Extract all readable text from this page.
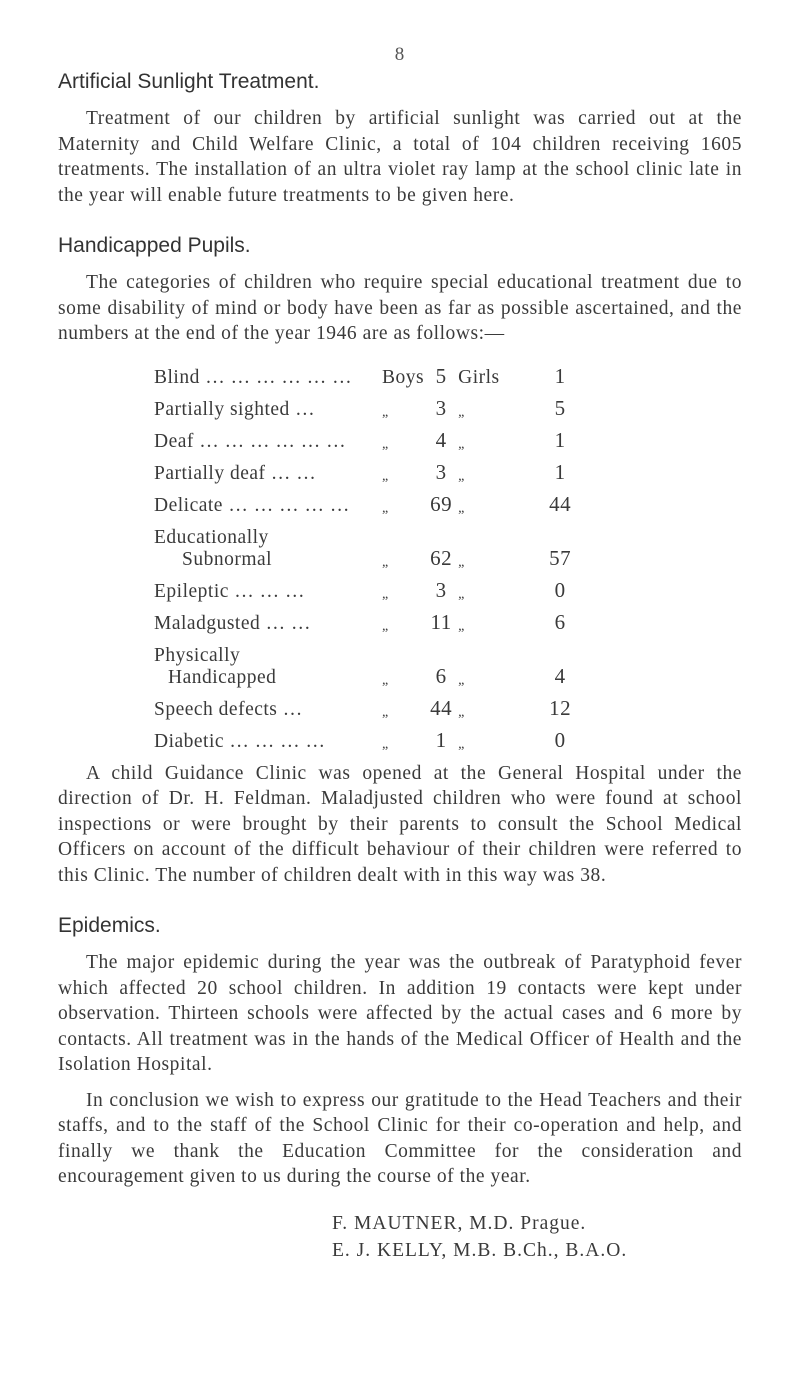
8
Artificial Sunlight Treatment.

Treatment of our children by artificial sunlight was carried out at the Maternity and Child Welfare Clinic, a total of 104 children receiving 1605 treatments. The installation of an ultra violet ray lamp at the school clinic late in the year will enable future treatments to be given here.

Handicapped Pupils.

The categories of children who require special educational treatment due to some disability of mind or body have been as far as possible ascertained, and the numbers at the end of the year 1946 are as follows:—

Blind … … … … … …	Boys	5	Girls	1
Partially sighted …	„	3	„	5
Deaf … … … … … …	„	4	„	1
Partially deaf … …	„	3	„	1
Delicate … … … … …	„	69	„	44
Educationally
Subnormal	„	62	„	57
Epileptic … … …	„	3	„	0
Maladgusted … …	„	11	„	6
Physically
Handicapped	„	6	„	4
Speech defects …	„	44	„	12
Diabetic … … … …	„	1	„	0

A child Guidance Clinic was opened at the General Hospital under the direction of Dr. H. Feldman. Maladjusted children who were found at school inspections or were brought by their parents to consult the School Medical Officers on account of the difficult behaviour of their children were referred to this Clinic. The number of children dealt with in this way was 38.

Epidemics.

The major epidemic during the year was the outbreak of Paratyphoid fever which affected 20 school children. In addition 19 contacts were kept under observation. Thirteen schools were affected by the actual cases and 6 more by contacts. All treatment was in the hands of the Medical Officer of Health and the Isolation Hospital.

In conclusion we wish to express our gratitude to the Head Teachers and their staffs, and to the staff of the School Clinic for their co-operation and help, and finally we thank the Education Committee for the consideration and encouragement given to us during the course of the year.

F. MAUTNER, M.D. Prague.
E. J. KELLY, M.B. B.Ch., B.A.O.
